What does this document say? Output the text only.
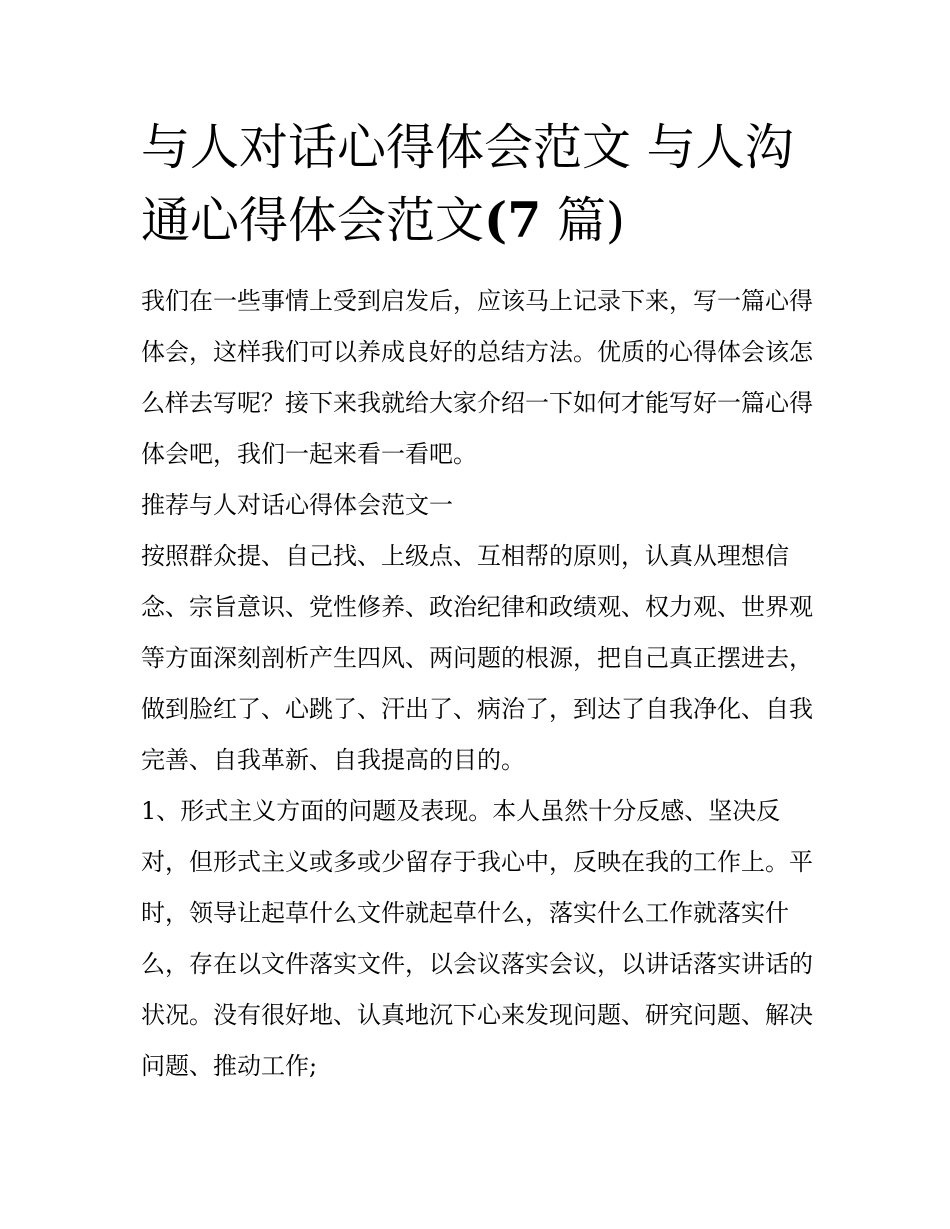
与人对话心得体会范文 与人沟通心得体会范文(7 篇)

我们在一些事情上受到启发后，应该马上记录下来，写一篇心得体会，这样我们可以养成良好的总结方法。优质的心得体会该怎么样去写呢？接下来我就给大家介绍一下如何才能写好一篇心得体会吧，我们一起来看一看吧。

推荐与人对话心得体会范文一

按照群众提、自己找、上级点、互相帮的原则，认真从理想信念、宗旨意识、党性修养、政治纪律和政绩观、权力观、世界观等方面深刻剖析产生四风、两问题的根源，把自己真正摆进去，做到脸红了、心跳了、汗出了、病治了，到达了自我净化、自我完善、自我革新、自我提高的目的。

1、形式主义方面的问题及表现。本人虽然十分反感、坚决反对，但形式主义或多或少留存于我心中，反映在我的工作上。平时，领导让起草什么文件就起草什么，落实什么工作就落实什么，存在以文件落实文件，以会议落实会议，以讲话落实讲话的状况。没有很好地、认真地沉下心来发现问题、研究问题、解决问题、推动工作;
